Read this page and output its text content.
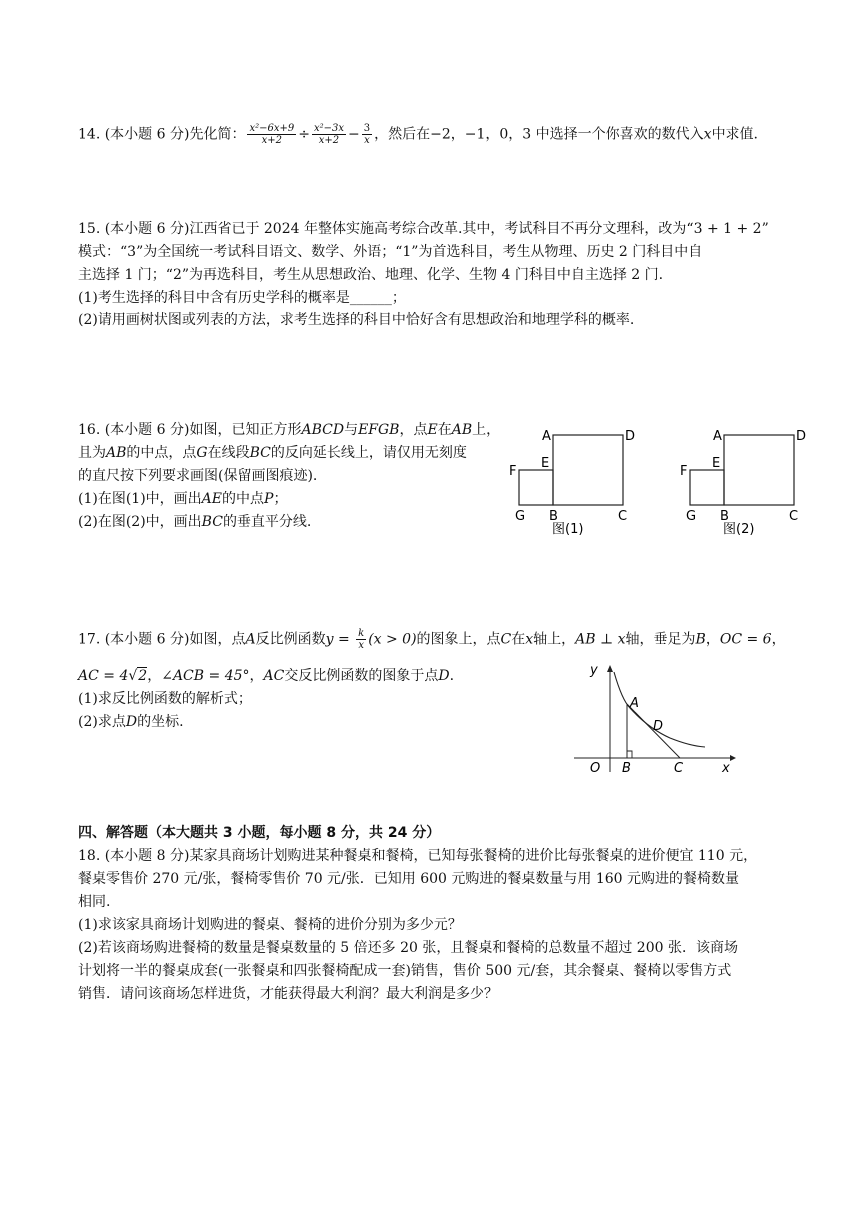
14. (本小题 6 分)先化简： $\frac{\text{x²−6x+9}}{x+2} \div \frac{\text{x²−3x}}{x+2} - \frac{3}{x}$ ，然后在−2，−1，0，3 中选择一个你喜欢的数代入x中求值.
15. (本小题 6 分)江西省已于 2024 年整体实施高考综合改革.其中，考试科目不再分文理科，改为“3 + 1 + 2”
模式：“3”为全国统一考试科目语文、数学、外语；“1”为首选科目，考生从物理、历史 2 门科目中自
主选择 1 门；“2”为再选科目，考生从思想政治、地理、化学、生物 4 门科目中自主选择 2 门.
(1)考生选择的科目中含有历史学科的概率是______；
(2)请用画树状图或列表的方法，求考生选择的科目中恰好含有思想政治和地理学科的概率.
16. (本小题 6 分)如图，已知正方形ABCD与EFGB，点E在AB上，
且为AB的中点，点G在线段BC的反向延长线上，请仅用无刻度
的直尺按下列要求画图(保留画图痕迹).
(1)在图(1)中，画出AE的中点P；
(2)在图(2)中，画出BC的垂直平分线.
A	D
E
F
G B	C
图(1)
A	D
E
F
G B	C
图(2)
17. (本小题 6 分)如图，点A反比例函数$y = \frac{k}{x} (x > 0)$的图象上，点C在x轴上，AB ⊥ x轴，垂足为B，OC = 6，
AC = 4√2，∠ACB = 45°，AC交反比例函数的图象于点D.
(1)求反比例函数的解析式；
(2)求点D的坐标.
y
x
A
D
O B	C
四、解答题（本大题共 3 小题，每小题 8 分，共 24 分）
18. (本小题 8 分)某家具商场计划购进某种餐桌和餐椅，已知每张餐椅的进价比每张餐桌的进价便宜 110 元，
餐桌零售价 270 元/张，餐椅零售价 70 元/张．已知用 600 元购进的餐桌数量与用 160 元购进的餐椅数量
相同.
(1)求该家具商场计划购进的餐桌、餐椅的进价分别为多少元？
(2)若该商场购进餐椅的数量是餐桌数量的 5 倍还多 20 张，且餐桌和餐椅的总数量不超过 200 张．该商场
计划将一半的餐桌成套(一张餐桌和四张餐椅配成一套)销售，售价 500 元/套，其余餐桌、餐椅以零售方式
销售．请问该商场怎样进货，才能获得最大利润？最大利润是多少？
